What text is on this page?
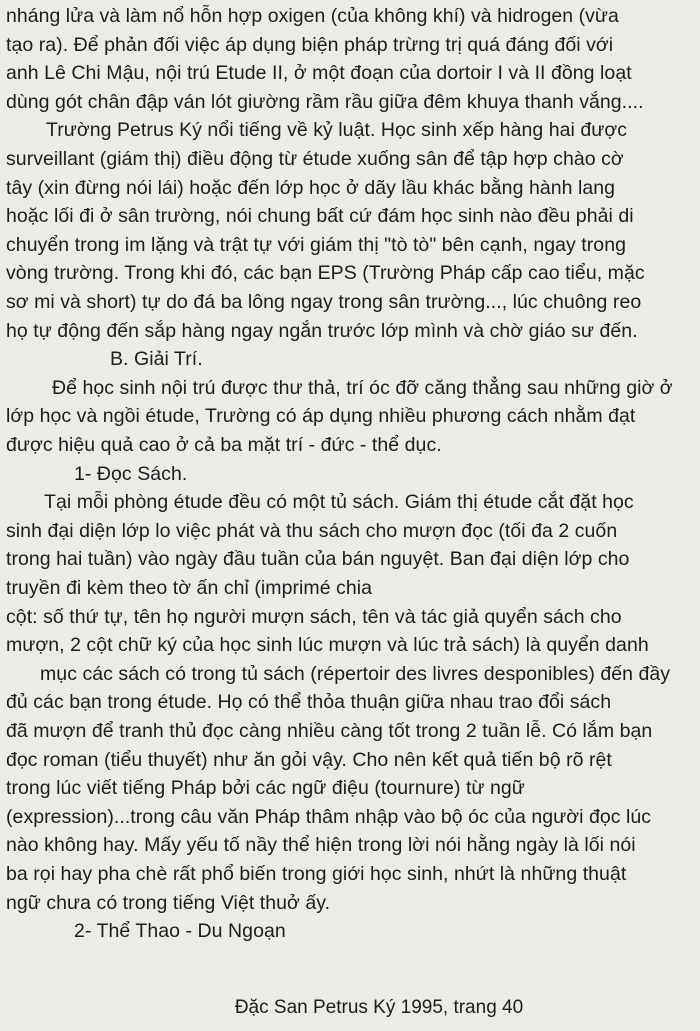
nháng lửa và làm nổ hỗn hợp oxigen (của không khí) và hidrogen (vừa
tạo ra). Để phản đối việc áp dụng biện pháp trừng trị quá đáng đối với
anh Lê Chi Mậu, nội trú Etude II, ở một đoạn của dortoir I và II đồng loạt
dùng gót chân đập ván lót giường rầm rầu giữa đêm khuya thanh vắng....
Trường Petrus Ký nổi tiếng về kỷ luật. Học sinh xếp hàng hai được
surveillant (giám thị) điều động từ étude xuống sân để tập hợp chào cờ
tây (xin đừng nói lái) hoặc đến lớp học ở dãy lầu khác bằng hành lang
hoặc lối đi ở sân trường, nói chung bất cứ đám học sinh nào đều phải di
chuyển trong im lặng và trật tự với giám thị "tò tò" bên cạnh, ngay trong
vòng trường. Trong khi đó, các bạn EPS (Trường Pháp cấp cao tiểu, mặc
sơ mi và short) tự do đá ba lông ngay trong sân trường..., lúc chuông reo
họ tự động đến sắp hàng ngay ngắn trước lớp mình và chờ giáo sư đến.
B. Giải Trí.
Để học sinh nội trú được thư thả, trí óc đỡ căng thẳng sau những giờ ở
lớp học và ngồi étude, Trường có áp dụng nhiều phương cách nhằm đạt
được hiệu quả cao ở cả ba mặt trí - đức - thể dục.
1- Đọc Sách.
Tại mỗi phòng étude đều có một tủ sách. Giám thị étude cắt đặt học
sinh đại diện lớp lo việc phát và thu sách cho mượn đọc (tối đa 2 cuốn
trong hai tuần) vào ngày đầu tuần của bán nguyệt. Ban đại diện lớp cho
truyền đi kèm theo tờ ấn chỉ (imprimé chia
cột: số thứ tự, tên họ người mượn sách, tên và tác giả quyển sách cho
mượn, 2 cột chữ ký của học sinh lúc mượn và lúc trả sách) là quyển danh
mục các sách có trong tủ sách (répertoir des livres desponibles) đến đầy
đủ các bạn trong étude. Họ có thể thỏa thuận giữa nhau trao đổi sách
đã mượn để tranh thủ đọc càng nhiều càng tốt trong 2 tuần lễ. Có lắm bạn
đọc roman (tiểu thuyết) như ăn gỏi vậy. Cho nên kết quả tiến bộ rõ rệt
trong lúc viết tiếng Pháp bởi các ngữ điệu (tournure) từ ngữ
(expression)...trong câu văn Pháp thâm nhập vào bộ óc của người đọc lúc
nào không hay. Mấy yếu tố nầy thể hiện trong lời nói hằng ngày là lối nói
ba rọi hay pha chè rất phổ biến trong giới học sinh, nhứt là những thuật
ngữ chưa có trong tiếng Việt thuở ấy.
2- Thể Thao - Du Ngoạn
Đặc San Petrus Ký 1995, trang 40
